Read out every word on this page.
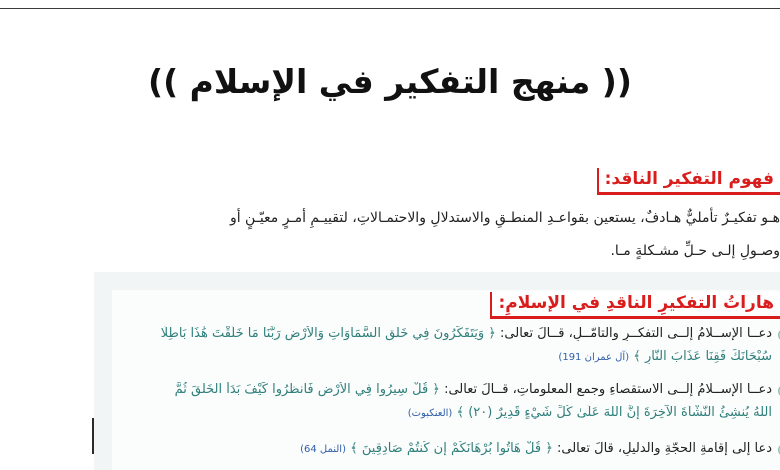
(( منهج التفكير في الإسلام ))
فهوم التفكير الناقد:
هـو تفكيـرٌ تأمليٌّ هـادفٌ، يستعين بقواعـدِ المنطـقِ والاستدلالِ والاحتمـالاتِ، لتقييـمِ أمـرٍ معيّـنٍ أو
وصـولِ إلـى حـلِّ مشـكلةٍ مـا.
هاراتُ التفكيرِ الناقدِ في الإسلامِ:
دعــا الإســلامُ إلــى التفكــرِ والتأمّــلِ، قــالَ تعالى: ﴿ وَيَتَفَكَّرُونَ فِي خَلْقِ السَّمَاوَاتِ وَالْأَرْضِ رَبَّنَا مَا خَلَقْتَ هَٰذَا بَاطِلًا
سُبْحَانَكَ فَقِنَا عَذَابَ النَّارِ ﴾ (آل عمران 191)
دعــا الإســلامُ إلــى الاستقصاءِ وجمعِ المعلوماتِ، قــالَ تعالى: ﴿ قُلْ سِيرُوا فِي الْأَرْضِ فَانظُرُوا كَيْفَ بَدَأَ الْخَلْقَ ثُمَّ
اللَّهُ يُنشِئُ النَّشْأَةَ الْآخِرَةَ إِنَّ اللَّهَ عَلَىٰ كُلِّ شَيْءٍ قَدِيرٌ (٢٠) ﴾ (العنكبوت)
دعا إلى إقامةِ الحجّةِ والدليلِ، قالَ تعالى: ﴿ قُلْ هَاتُوا بُرْهَانَكُمْ إِن كُنتُمْ صَادِقِينَ ﴾ (النمل 64)
